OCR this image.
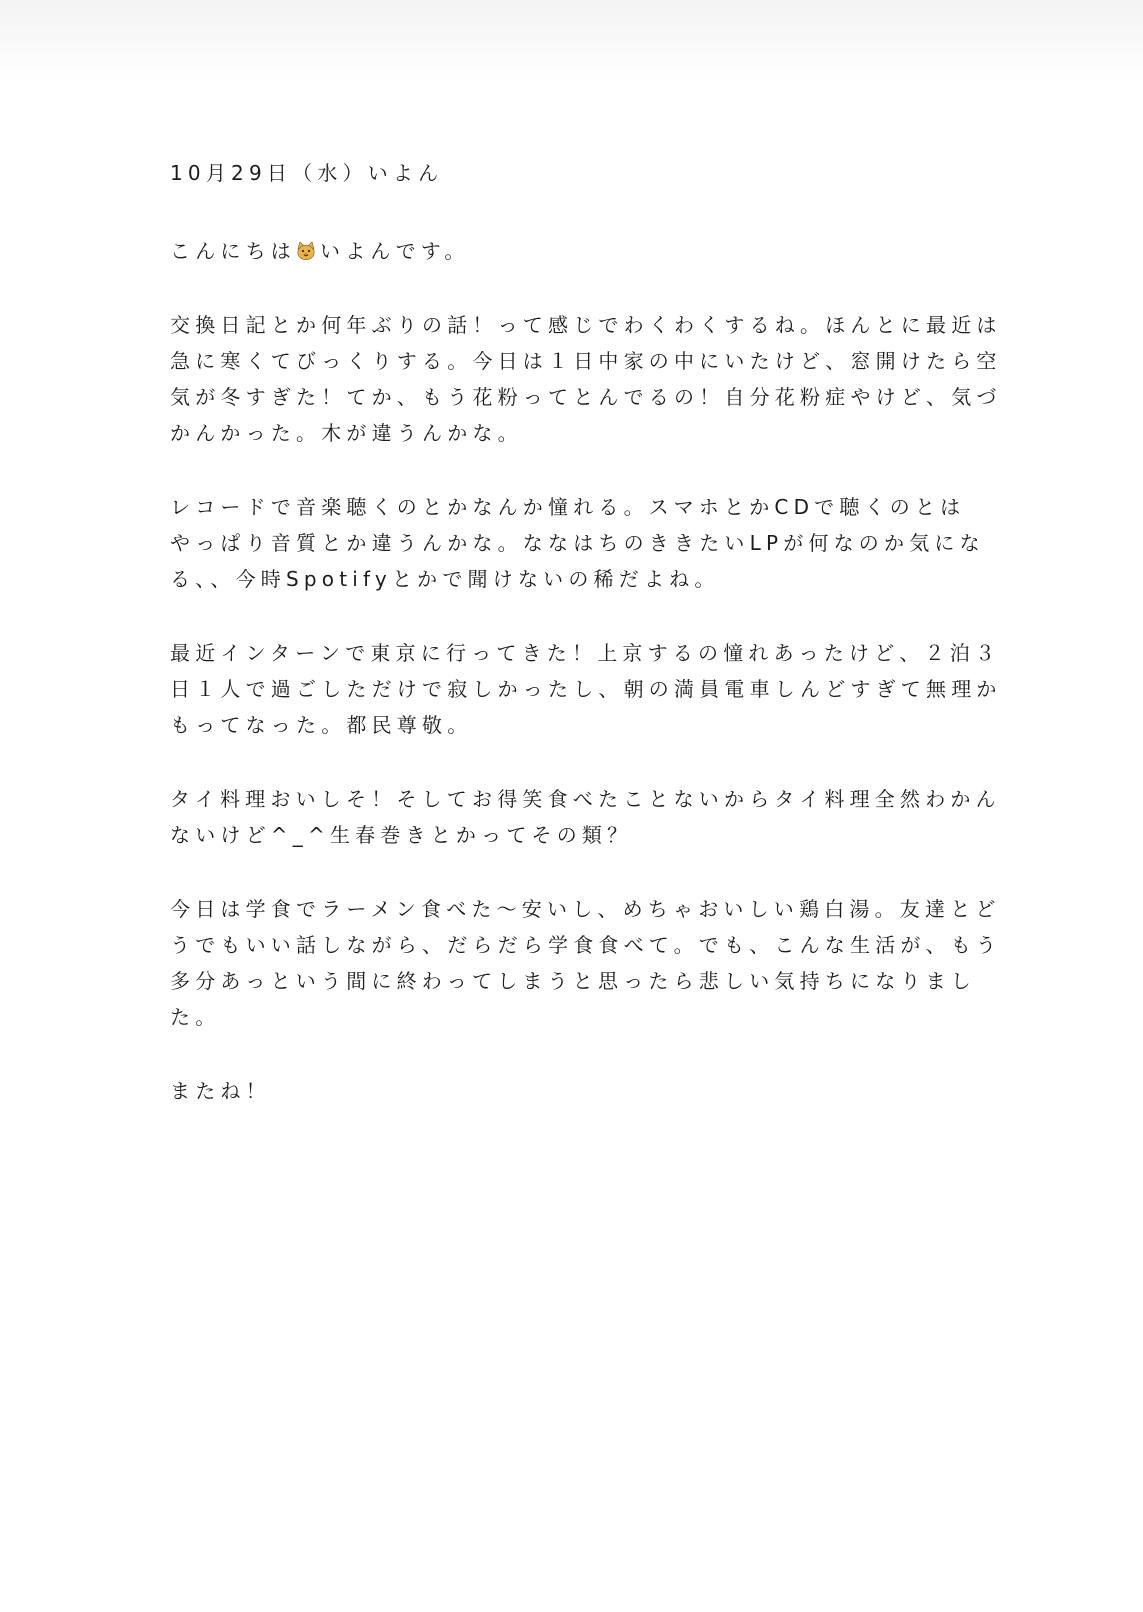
10月29日（水）いよん

こんにちは いよんです。

交換日記とか何年ぶりの話！って感じでわくわくするね。ほんとに最近は
急に寒くてびっくりする。今日は１日中家の中にいたけど、窓開けたら空
気が冬すぎた！てか、もう花粉ってとんでるの！自分花粉症やけど、気づ
かんかった。木が違うんかな。

レコードで音楽聴くのとかなんか憧れる。スマホとかCDで聴くのとは
やっぱり音質とか違うんかな。ななはちのききたいLPが何なのか気にな
る、、今時Spotifyとかで聞けないの稀だよね。

最近インターンで東京に行ってきた！上京するの憧れあったけど、２泊３
日１人で過ごしただけで寂しかったし、朝の満員電車しんどすぎて無理か
もってなった。都民尊敬。

タイ料理おいしそ！そしてお得笑食べたことないからタイ料理全然わかん
ないけど^_^生春巻きとかってその類？

今日は学食でラーメン食べた〜安いし、めちゃおいしい鶏白湯。友達とど
うでもいい話しながら、だらだら学食食べて。でも、こんな生活が、もう
多分あっという間に終わってしまうと思ったら悲しい気持ちになりまし
た。

またね！
